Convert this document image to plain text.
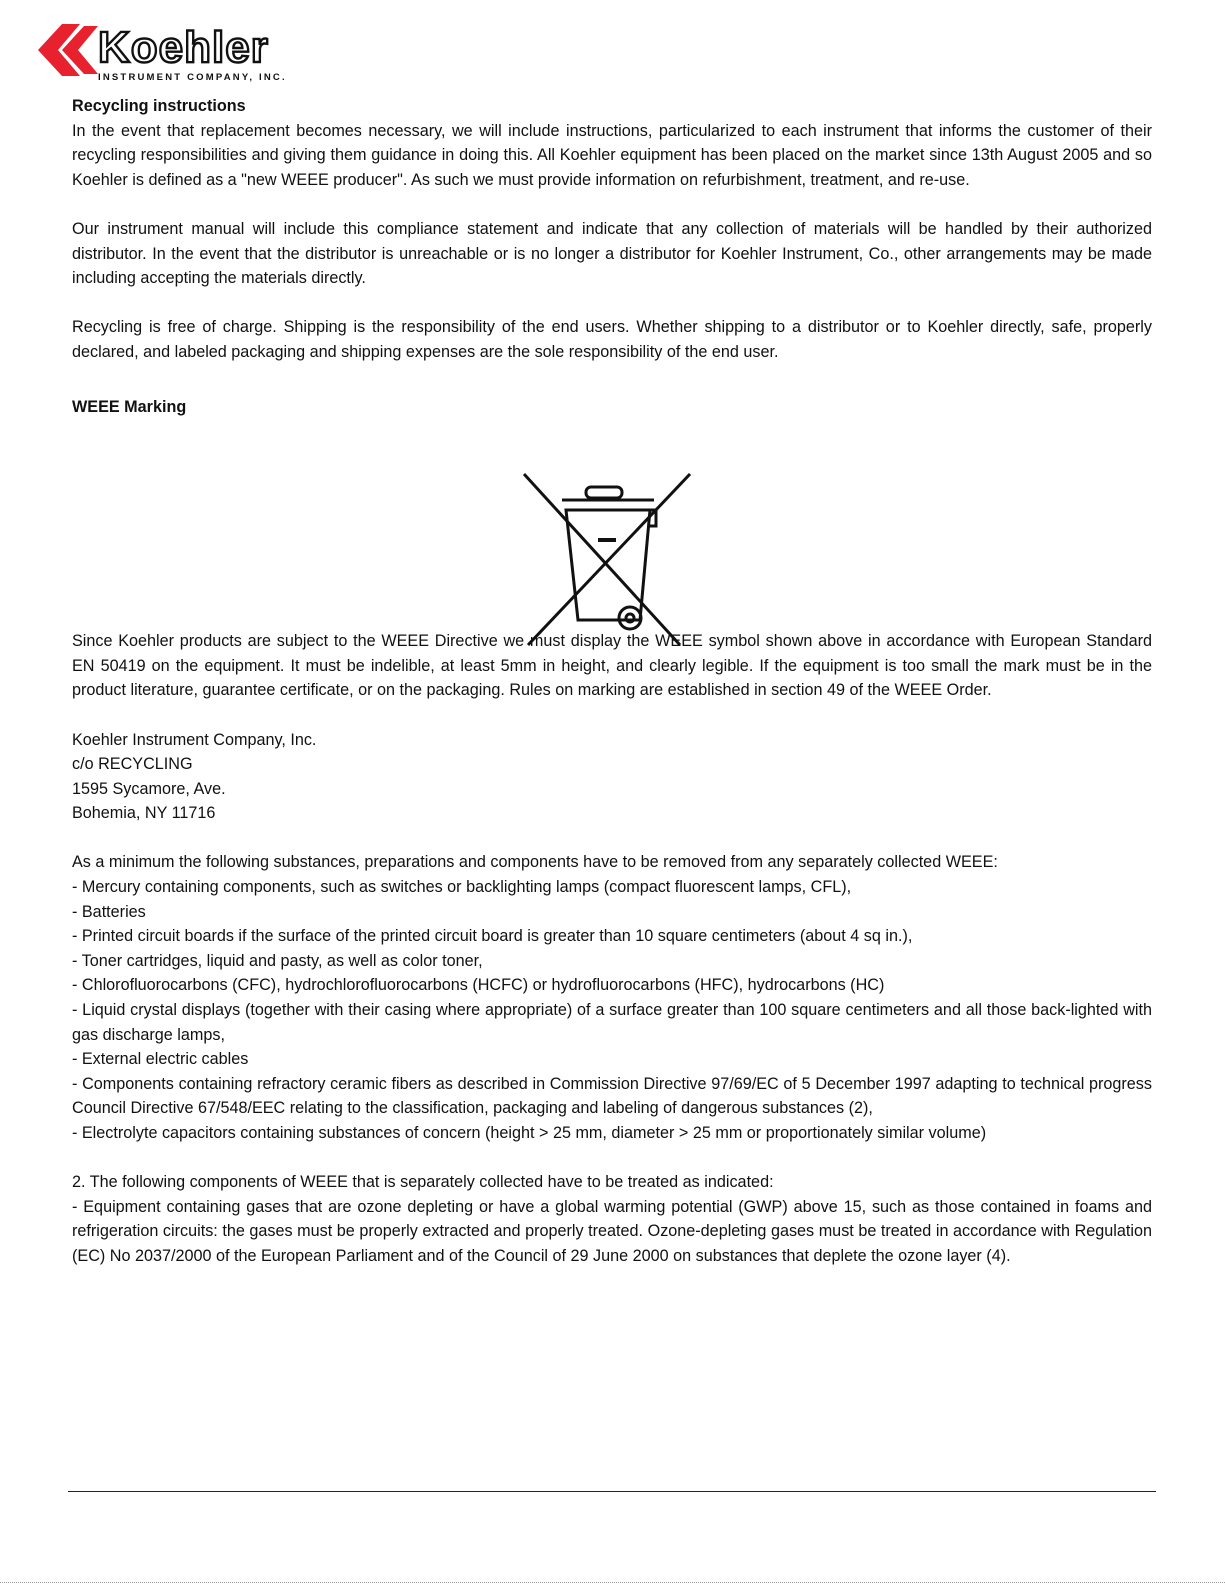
Koehler
INSTRUMENT COMPANY, INC.

Recycling instructions

In the event that replacement becomes necessary, we will include instructions, particularized to each instrument that informs the customer of their recycling responsibilities and giving them guidance in doing this. All Koehler equipment has been placed on the market since 13th August 2005 and so Koehler is defined as a "new WEEE producer". As such we must provide information on refurbishment, treatment, and re-use.

Our instrument manual will include this compliance statement and indicate that any collection of materials will be handled by their authorized distributor. In the event that the distributor is unreachable or is no longer a distributor for Koehler Instrument, Co., other arrangements may be made including accepting the materials directly.

Recycling is free of charge. Shipping is the responsibility of the end users. Whether shipping to a distributor or to Koehler directly, safe, properly declared, and labeled packaging and shipping expenses are the sole responsibility of the end user.

WEEE Marking

Since Koehler products are subject to the WEEE Directive we must display the WEEE symbol shown above in accordance with European Standard EN 50419 on the equipment. It must be indelible, at least 5mm in height, and clearly legible. If the equipment is too small the mark must be in the product literature, guarantee certificate, or on the packaging. Rules on marking are established in section 49 of the WEEE Order.

Koehler Instrument Company, Inc.

c/o RECYCLING

1595 Sycamore, Ave.

Bohemia, NY 11716

As a minimum the following substances, preparations and components have to be removed from any separately collected WEEE:

- Mercury containing components, such as switches or backlighting lamps (compact fluorescent lamps, CFL),

- Batteries

- Printed circuit boards if the surface of the printed circuit board is greater than 10 square centimeters (about 4 sq in.),

- Toner cartridges, liquid and pasty, as well as color toner,

- Chlorofluorocarbons (CFC), hydrochlorofluorocarbons (HCFC) or hydrofluorocarbons (HFC), hydrocarbons (HC)

- Liquid crystal displays (together with their casing where appropriate) of a surface greater than 100 square centimeters and all those back-lighted with gas discharge lamps,

- External electric cables

- Components containing refractory ceramic fibers as described in Commission Directive 97/69/EC of 5 December 1997 adapting to technical progress Council Directive 67/548/EEC relating to the classification, packaging and labeling of dangerous substances (2),

- Electrolyte capacitors containing substances of concern (height > 25 mm, diameter > 25 mm or proportionately similar volume)

2. The following components of WEEE that is separately collected have to be treated as indicated:

- Equipment containing gases that are ozone depleting or have a global warming potential (GWP) above 15, such as those contained in foams and refrigeration circuits: the gases must be properly extracted and properly treated. Ozone-depleting gases must be treated in accordance with Regulation (EC) No 2037/2000 of the European Parliament and of the Council of 29 June 2000 on substances that deplete the ozone layer (4).
